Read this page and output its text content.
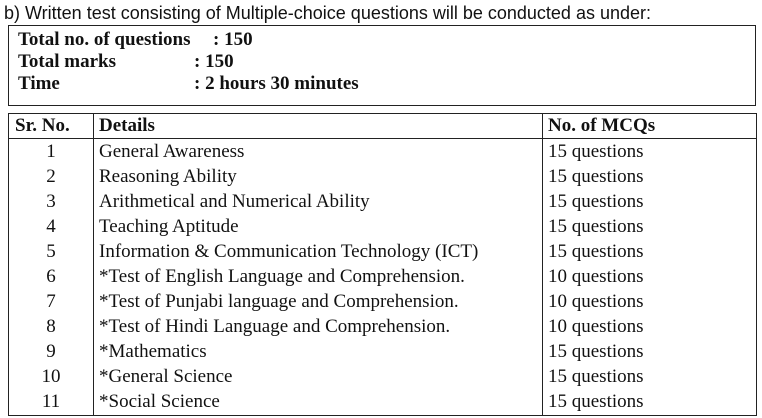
b) Written test consisting of Multiple-choice questions will be conducted as under:
Total no. of questions : 150
Total marks	: 150
Time	: 2 hours 30 minutes
Sr. No.	Details	No. of MCQs
1	General Awareness	15 questions
2	Reasoning Ability	15 questions
3	Arithmetical and Numerical Ability	15 questions
4	Teaching Aptitude	15 questions
5	Information & Communication Technology (ICT)	15 questions
6	*Test of English Language and Comprehension.	10 questions
7	*Test of Punjabi language and Comprehension.	10 questions
8	*Test of Hindi Language and Comprehension.	10 questions
9	*Mathematics	15 questions
10	*General Science	15 questions
11	*Social Science	15 questions
